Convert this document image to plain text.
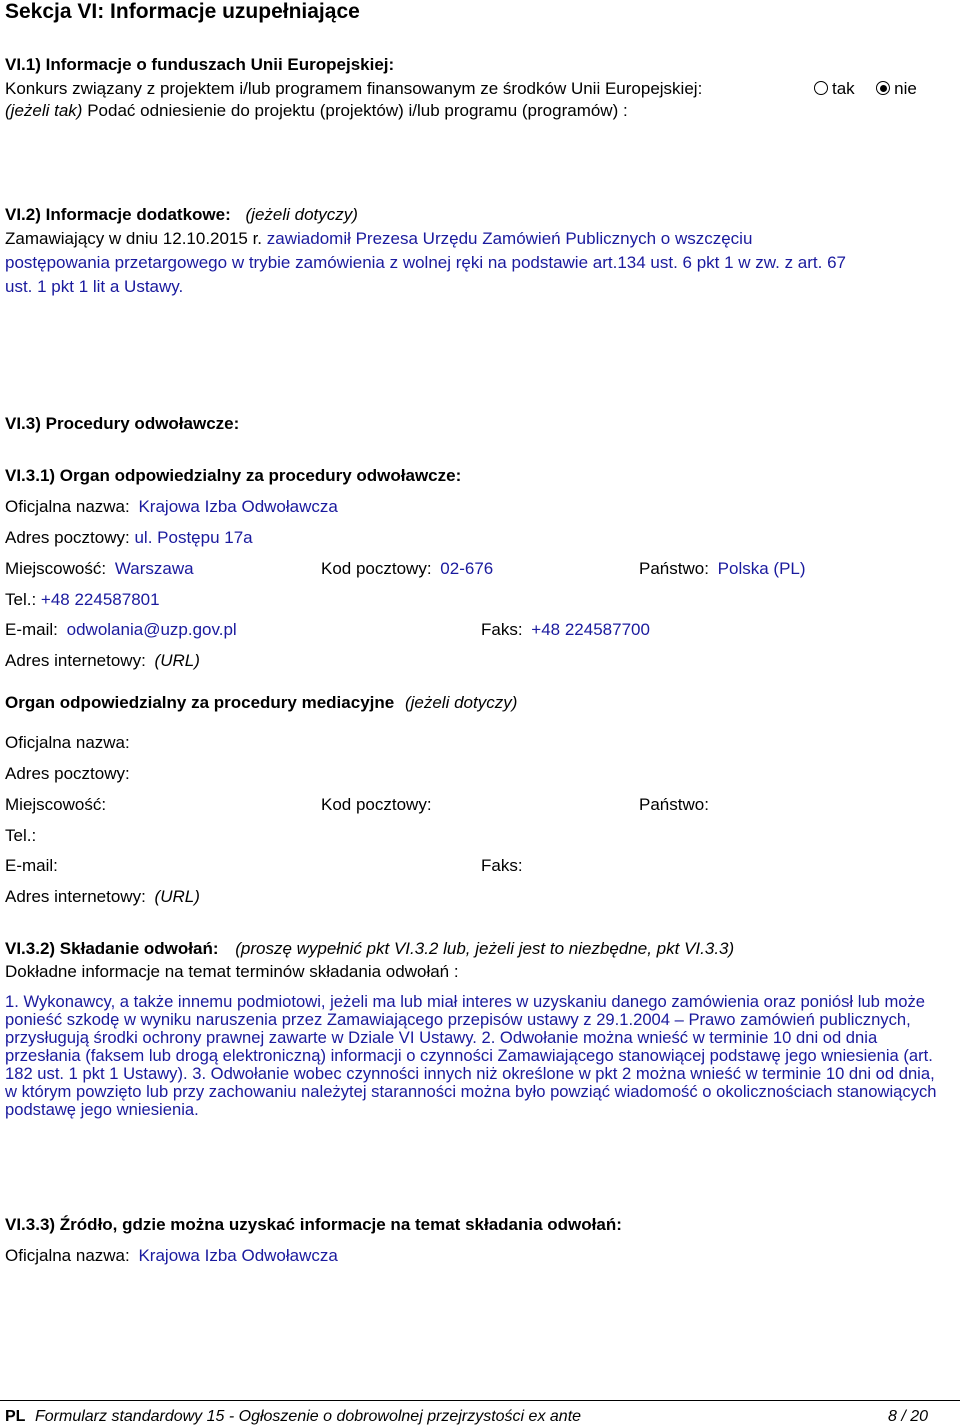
Sekcja VI: Informacje uzupełniające
VI.1) Informacje o funduszach Unii Europejskiej:
Konkurs związany z projektem i/lub programem finansowanym ze środków Unii Europejskiej:	tak nie
(jeżeli tak) Podać odniesienie do projektu (projektów) i/lub programu (programów) :
VI.2) Informacje dodatkowe: (jeżeli dotyczy)
Zamawiający w dniu 12.10.2015 r. zawiadomił Prezesa Urzędu Zamówień Publicznych o wszczęciu
postępowania przetargowego w trybie zamówienia z wolnej ręki na podstawie art.134 ust. 6 pkt 1 w zw. z art. 67
ust. 1 pkt 1 lit a Ustawy.
VI.3) Procedury odwoławcze:
VI.3.1) Organ odpowiedzialny za procedury odwoławcze:
Oficjalna nazwa: Krajowa Izba Odwoławcza
Adres pocztowy: ul. Postępu 17a
Miejscowość: Warszawa	Kod pocztowy: 02-676	Państwo: Polska (PL)
Tel.: +48 224587801
E-mail: odwolania@uzp.gov.pl	Faks: +48 224587700
Adres internetowy: (URL)
Organ odpowiedzialny za procedury mediacyjne (jeżeli dotyczy)
Oficjalna nazwa:
Adres pocztowy:
Miejscowość:	Kod pocztowy:	Państwo:
Tel.:
E-mail:	Faks:
Adres internetowy: (URL)
VI.3.2) Składanie odwołań: (proszę wypełnić pkt VI.3.2 lub, jeżeli jest to niezbędne, pkt VI.3.3)
Dokładne informacje na temat terminów składania odwołań :
1. Wykonawcy, a także innemu podmiotowi, jeżeli ma lub miał interes w uzyskaniu danego zamówienia oraz poniósł lub może ponieść szkodę w wyniku naruszenia przez Zamawiającego przepisów ustawy z 29.1.2004 – Prawo zamówień publicznych, przysługują środki ochrony prawnej zawarte w Dziale VI Ustawy. 2. Odwołanie można wnieść w terminie 10 dni od dnia przesłania (faksem lub drogą elektroniczną) informacji o czynności Zamawiającego stanowiącej podstawę jego wniesienia (art. 182 ust. 1 pkt 1 Ustawy). 3. Odwołanie wobec czynności innych niż określone w pkt 2 można wnieść w terminie 10 dni od dnia, w którym powzięto lub przy zachowaniu należytej staranności można było powziąć wiadomość o okolicznościach stanowiących podstawę jego wniesienia.
VI.3.3) Źródło, gdzie można uzyskać informacje na temat składania odwołań:
Oficjalna nazwa: Krajowa Izba Odwoławcza
PL Formularz standardowy 15 - Ogłoszenie o dobrowolnej przejrzystości ex ante	8 / 20
